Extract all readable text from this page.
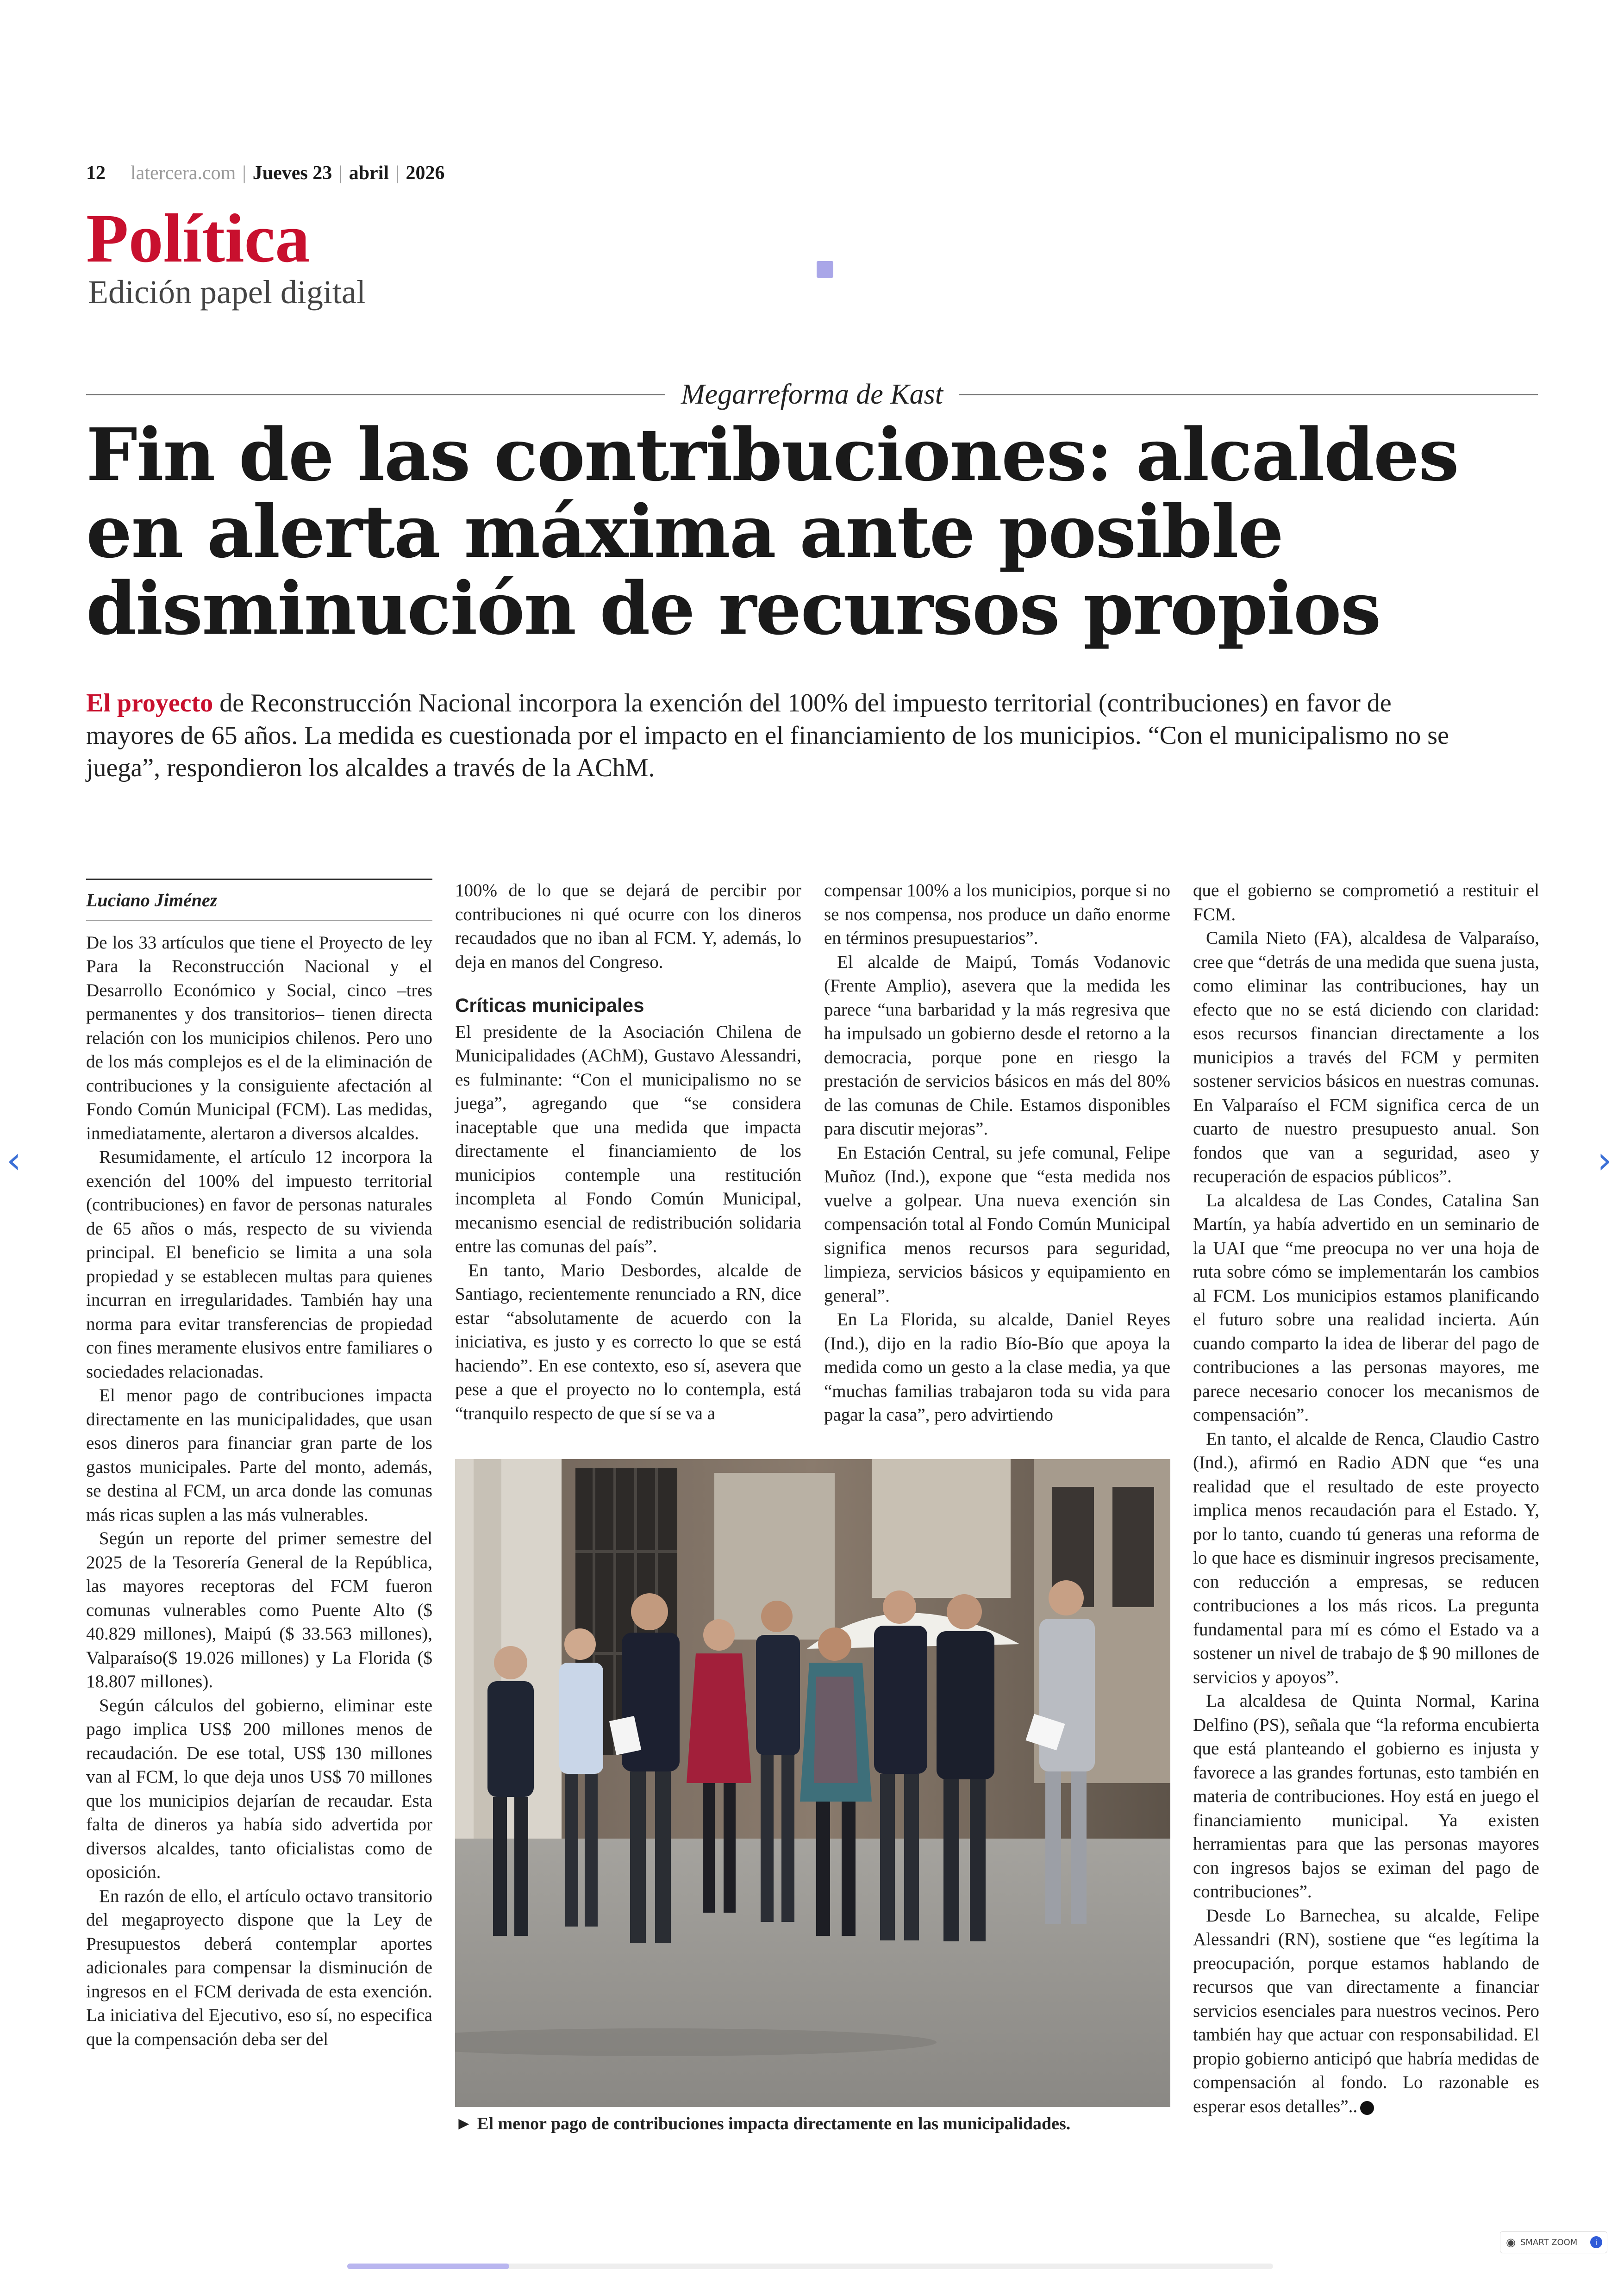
12 latercera.com | Jueves 23 | abril | 2026
Política
Edición papel digital
Megarreforma de Kast
Fin de las contribuciones: alcaldes en alerta máxima ante posible disminución de recursos propios
El proyecto de Reconstrucción Nacional incorpora la exención del 100% del impuesto territorial (contribuciones) en favor de mayores de 65 años. La medida es cuestionada por el impacto en el financiamiento de los municipios. “Con el municipalismo no se juega”, respondieron los alcaldes a través de la AChM.
Luciano Jiménez

De los 33 artículos que tiene el Proyecto de ley Para la Reconstrucción Nacional y el Desarrollo Económico y Social, cinco –tres permanentes y dos transitorios– tienen directa relación con los municipios chilenos. Pero uno de los más complejos es el de la eliminación de contribuciones y la consiguiente afectación al Fondo Común Municipal (FCM). Las medidas, inmediatamente, alertaron a diversos alcaldes.

Resumidamente, el artículo 12 incorpora la exención del 100% del impuesto territorial (contribuciones) en favor de personas naturales de 65 años o más, respecto de su vivienda principal. El beneficio se limita a una sola propiedad y se establecen multas para quienes incurran en irregularidades. También hay una norma para evitar transferencias de propiedad con fines meramente elusivos entre familiares o sociedades relacionadas.

El menor pago de contribuciones impacta directamente en las municipalidades, que usan esos dineros para financiar gran parte de los gastos municipales. Parte del monto, además, se destina al FCM, un arca donde las comunas más ricas suplen a las más vulnerables.

Según un reporte del primer semestre del 2025 de la Tesorería General de la República, las mayores receptoras del FCM fueron comunas vulnerables como Puente Alto ($ 40.829 millones), Maipú ($ 33.563 millones), Valparaíso($ 19.026 millones) y La Florida ($ 18.807 millones).

Según cálculos del gobierno, eliminar este pago implica US$ 200 millones menos de recaudación. De ese total, US$ 130 millones van al FCM, lo que deja unos US$ 70 millones que los municipios dejarían de recaudar. Esta falta de dineros ya había sido advertida por diversos alcaldes, tanto oficialistas como de oposición.

En razón de ello, el artículo octavo transitorio del megaproyecto dispone que la Ley de Presupuestos deberá contemplar aportes adicionales para compensar la disminución de ingresos en el FCM derivada de esta exención. La iniciativa del Ejecutivo, eso sí, no especifica que la compensación deba ser del

100% de lo que se dejará de percibir por contribuciones ni qué ocurre con los dineros recaudados que no iban al FCM. Y, además, lo deja en manos del Congreso.

Críticas municipales

El presidente de la Asociación Chilena de Municipalidades (AChM), Gustavo Alessandri, es fulminante: “Con el municipalismo no se juega”, agregando que “se considera inaceptable que una medida que impacta directamente el financiamiento de los municipios contemple una restitución incompleta al Fondo Común Municipal, mecanismo esencial de redistribución solidaria entre las comunas del país”.

En tanto, Mario Desbordes, alcalde de Santiago, recientemente renunciado a RN, dice estar “absolutamente de acuerdo con la iniciativa, es justo y es correcto lo que se está haciendo”. En ese contexto, eso sí, asevera que pese a que el proyecto no lo contempla, está “tranquilo respecto de que sí se va a

compensar 100% a los municipios, porque si no se nos compensa, nos produce un daño enorme en términos presupuestarios”.

El alcalde de Maipú, Tomás Vodanovic (Frente Amplio), asevera que la medida les parece “una barbaridad y la más regresiva que ha impulsado un gobierno desde el retorno a la democracia, porque pone en riesgo la prestación de servicios básicos en más del 80% de las comunas de Chile. Estamos disponibles para discutir mejoras”.

En Estación Central, su jefe comunal, Felipe Muñoz (Ind.), expone que “esta medida nos vuelve a golpear. Una nueva exención sin compensación total al Fondo Común Municipal significa menos recursos para seguridad, limpieza, servicios básicos y equipamiento en general”.

En La Florida, su alcalde, Daniel Reyes (Ind.), dijo en la radio Bío-Bío que apoya la medida como un gesto a la clase media, ya que “muchas familias trabajaron toda su vida para pagar la casa”, pero advirtiendo

que el gobierno se comprometió a restituir el FCM.

Camila Nieto (FA), alcaldesa de Valparaíso, cree que “detrás de una medida que suena justa, como eliminar las contribuciones, hay un efecto que no se está diciendo con claridad: esos recursos financian directamente a los municipios a través del FCM y permiten sostener servicios básicos en nuestras comunas. En Valparaíso el FCM significa cerca de un cuarto de nuestro presupuesto anual. Son fondos que van a seguridad, aseo y recuperación de espacios públicos”.

La alcaldesa de Las Condes, Catalina San Martín, ya había advertido en un seminario de la UAI que “me preocupa no ver una hoja de ruta sobre cómo se implementarán los cambios al FCM. Los municipios estamos planificando el futuro sobre una realidad incierta. Aún cuando comparto la idea de liberar del pago de contribuciones a las personas mayores, me parece necesario conocer los mecanismos de compensación”.

En tanto, el alcalde de Renca, Claudio Castro (Ind.), afirmó en Radio ADN que “es una realidad que el resultado de este proyecto implica menos recaudación para el Estado. Y, por lo tanto, cuando tú generas una reforma de lo que hace es disminuir ingresos precisamente, con reducción a empresas, se reducen contribuciones a los más ricos. La pregunta fundamental para mí es cómo el Estado va a sostener un nivel de trabajo de $ 90 millones de servicios y apoyos”.

La alcaldesa de Quinta Normal, Karina Delfino (PS), señala que “la reforma encubierta que está planteando el gobierno es injusta y favorece a las grandes fortunas, esto también en materia de contribuciones. Hoy está en juego el financiamiento municipal. Ya existen herramientas para que las personas mayores con ingresos bajos se eximan del pago de contribuciones”.

Desde Lo Barnechea, su alcalde, Felipe Alessandri (RN), sostiene que “es legítima la preocupación, porque estamos hablando de recursos que van directamente a financiar servicios esenciales para nuestros vecinos. Pero también hay que actuar con responsabilidad. El propio gobierno anticipó que habría medidas de compensación al fondo. Lo razonable es esperar esos detalles”..

► El menor pago de contribuciones impacta directamente en las municipalidades.
‹	›
◉ SMART ZOOM	i
